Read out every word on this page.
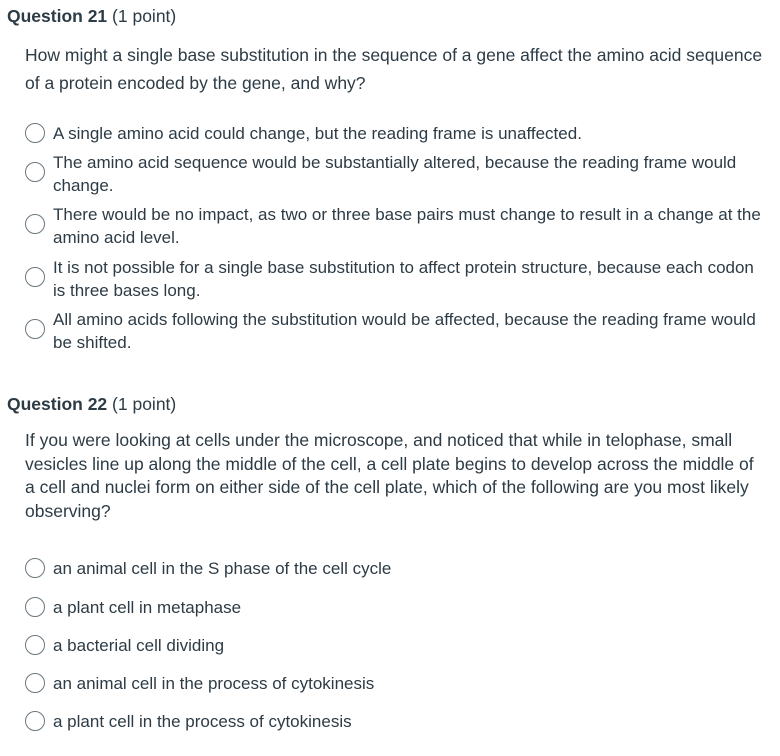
Question 21 (1 point)
How might a single base substitution in the sequence of a gene affect the amino acid sequence of a protein encoded by the gene, and why?
A single amino acid could change, but the reading frame is unaffected.
The amino acid sequence would be substantially altered, because the reading frame would change.
There would be no impact, as two or three base pairs must change to result in a change at the amino acid level.
It is not possible for a single base substitution to affect protein structure, because each codon is three bases long.
All amino acids following the substitution would be affected, because the reading frame would be shifted.
Question 22 (1 point)
If you were looking at cells under the microscope, and noticed that while in telophase, small vesicles line up along the middle of the cell, a cell plate begins to develop across the middle of a cell and nuclei form on either side of the cell plate, which of the following are you most likely observing?
an animal cell in the S phase of the cell cycle
a plant cell in metaphase
a bacterial cell dividing
an animal cell in the process of cytokinesis
a plant cell in the process of cytokinesis
